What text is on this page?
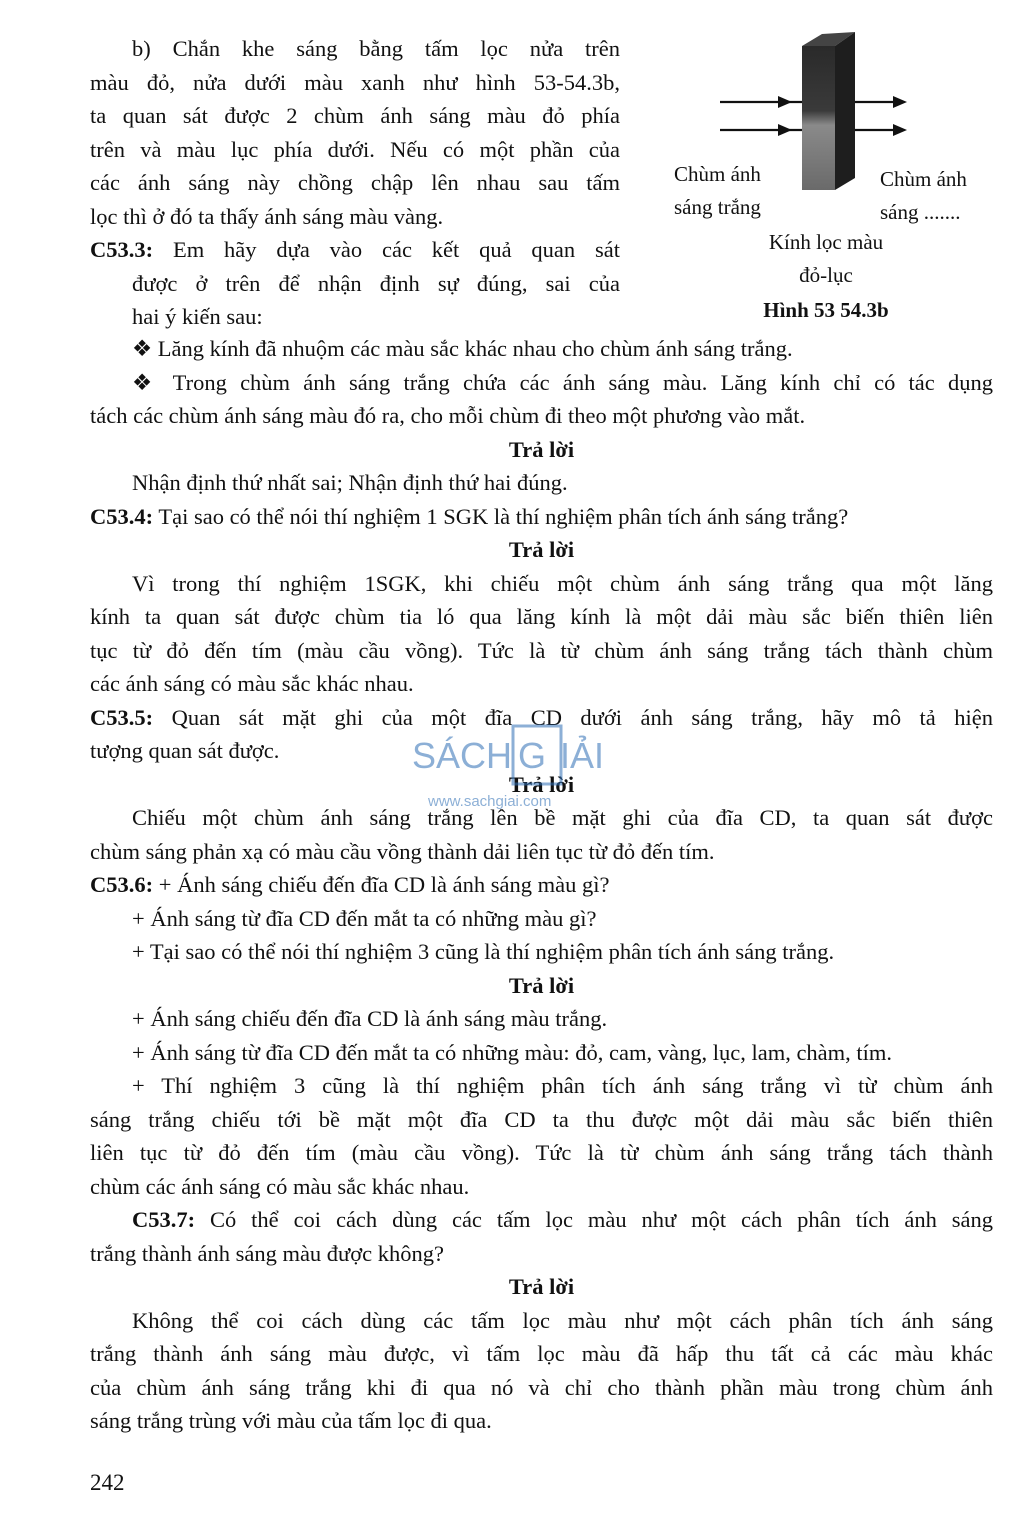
b) Chắn khe sáng bằng tấm lọc nửa trên
màu đỏ, nửa dưới màu xanh như hình 53-54.3b,
ta quan sát được 2 chùm ánh sáng màu đỏ phía
trên và màu lục phía dưới. Nếu có một phần của
các ánh sáng này chồng chập lên nhau sau tấm
lọc thì ở đó ta thấy ánh sáng màu vàng.
C53.3: Em hãy dựa vào các kết quả quan sát
được ở trên để nhận định sự đúng, sai của
hai ý kiến sau:
Chùm ánh
sáng trắng
Chùm ánh
sáng .......
Kính lọc màu
đỏ-lục
Hình 53 54.3b
❖ Lăng kính đã nhuộm các màu sắc khác nhau cho chùm ánh sáng trắng.
❖ Trong chùm ánh sáng trắng chứa các ánh sáng màu. Lăng kính chỉ có tác dụng
tách các chùm ánh sáng màu đó ra, cho mỗi chùm đi theo một phương vào mắt.
Trả lời
Nhận định thứ nhất sai; Nhận định thứ hai đúng.
C53.4: Tại sao có thể nói thí nghiệm 1 SGK là thí nghiệm phân tích ánh sáng trắng?
Trả lời
Vì trong thí nghiệm 1SGK, khi chiếu một chùm ánh sáng trắng qua một lăng
kính ta quan sát được chùm tia ló qua lăng kính là một dải màu sắc biến thiên liên
tục từ đỏ đến tím (màu cầu vồng). Tức là từ chùm ánh sáng trắng tách thành chùm
các ánh sáng có màu sắc khác nhau.
C53.5: Quan sát mặt ghi của một đĩa CD dưới ánh sáng trắng, hãy mô tả hiện
tượng quan sát được.
Trả lời
Chiếu một chùm ánh sáng trắng lên bề mặt ghi của đĩa CD, ta quan sát được
chùm sáng phản xạ có màu cầu vồng thành dải liên tục từ đỏ đến tím.
C53.6: + Ánh sáng chiếu đến đĩa CD là ánh sáng màu gì?
+ Ánh sáng từ đĩa CD đến mắt ta có những màu gì?
+ Tại sao có thể nói thí nghiệm 3 cũng là thí nghiệm phân tích ánh sáng trắng.
Trả lời
+ Ánh sáng chiếu đến đĩa CD là ánh sáng màu trắng.
+ Ánh sáng từ đĩa CD đến mắt ta có những màu: đỏ, cam, vàng, lục, lam, chàm, tím.
+ Thí nghiệm 3 cũng là thí nghiệm phân tích ánh sáng trắng vì từ chùm ánh
sáng trắng chiếu tới bề mặt một đĩa CD ta thu được một dải màu sắc biến thiên
liên tục từ đỏ đến tím (màu cầu vồng). Tức là từ chùm ánh sáng trắng tách thành
chùm các ánh sáng có màu sắc khác nhau.
C53.7: Có thể coi cách dùng các tấm lọc màu như một cách phân tích ánh sáng
trắng thành ánh sáng màu được không?
Trả lời
Không thể coi cách dùng các tấm lọc màu như một cách phân tích ánh sáng
trắng thành ánh sáng màu được, vì tấm lọc màu đã hấp thu tất cả các màu khác
của chùm ánh sáng trắng khi đi qua nó và chỉ cho thành phần màu trong chùm ánh
sáng trắng trùng với màu của tấm lọc đi qua.
SÁCH G IẢI
www.sachgiai.com
242
